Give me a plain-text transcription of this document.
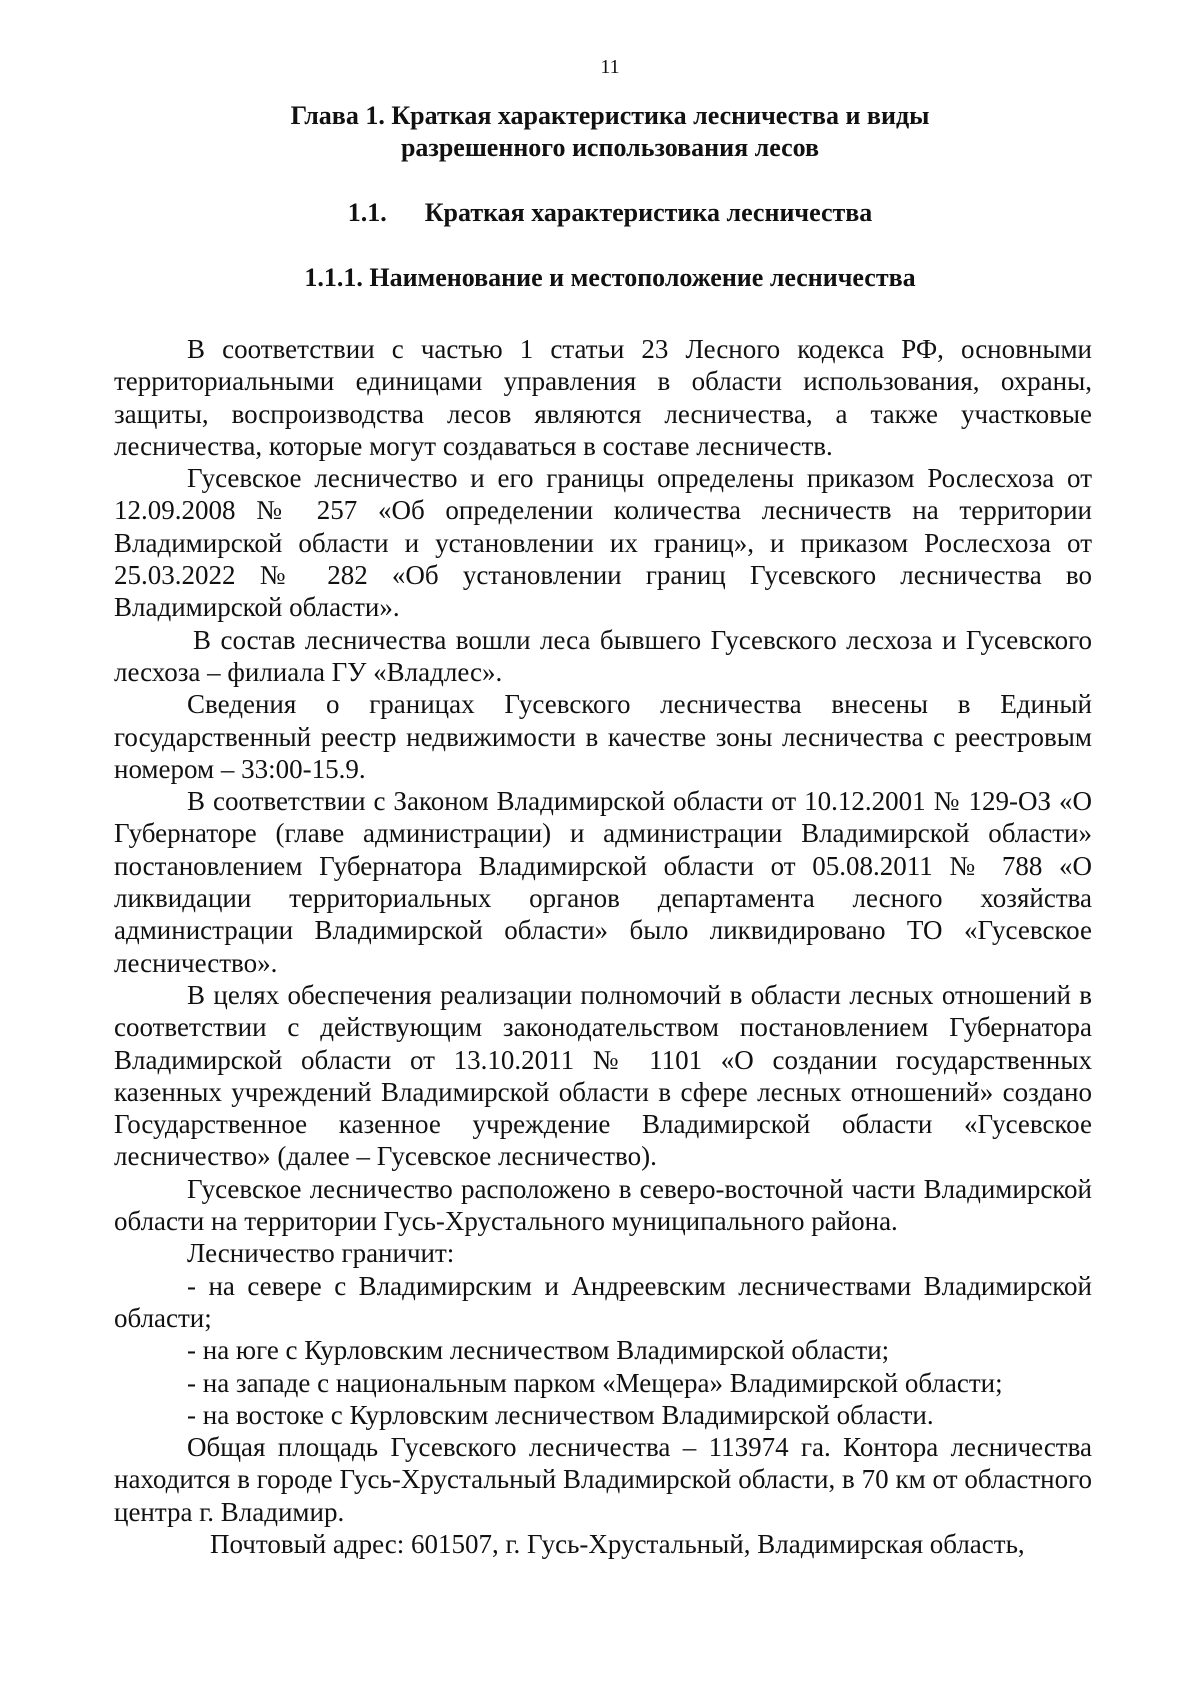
11
Глава 1. Краткая характеристика лесничества и виды
разрешенного использования лесов
1.1. Краткая характеристика лесничества
1.1.1. Наименование и местоположение лесничества

В соответствии с частью 1 статьи 23 Лесного кодекса РФ, основными территориальными единицами управления в области использования, охраны, защиты, воспроизводства лесов являются лесничества, а также участковые лесничества, которые могут создаваться в составе лесничеств.

Гусевское лесничество и его границы определены приказом Рослесхоза от 12.09.2008 № 257 «Об определении количества лесничеств на территории Владимирской области и установлении их границ», и приказом Рослесхоза от 25.03.2022 № 282 «Об установлении границ Гусевского лесничества во Владимирской области».

В состав лесничества вошли леса бывшего Гусевского лесхоза и Гусевского лесхоза – филиала ГУ «Владлес».

Сведения о границах Гусевского лесничества внесены в Единый государственный реестр недвижимости в качестве зоны лесничества с реестровым номером – 33:00-15.9.

В соответствии с Законом Владимирской области от 10.12.2001 № 129-ОЗ «О Губернаторе (главе администрации) и администрации Владимирской области» постановлением Губернатора Владимирской области от 05.08.2011 № 788 «О ликвидации территориальных органов департамента лесного хозяйства администрации Владимирской области» было ликвидировано ТО «Гусевское лесничество».

В целях обеспечения реализации полномочий в области лесных отношений в соответствии с действующим законодательством постановлением Губернатора Владимирской области от 13.10.2011 № 1101 «О создании государственных казенных учреждений Владимирской области в сфере лесных отношений» создано Государственное казенное учреждение Владимирской области «Гусевское лесничество» (далее – Гусевское лесничество).

Гусевское лесничество расположено в северо-восточной части Владимирской области на территории Гусь-Хрустального муниципального района.

Лесничество граничит:

- на севере с Владимирским и Андреевским лесничествами Владимирской области;

- на юге с Курловским лесничеством Владимирской области;

- на западе с национальным парком «Мещера» Владимирской области;

- на востоке с Курловским лесничеством Владимирской области.

Общая площадь Гусевского лесничества – 113974 га. Контора лесничества находится в городе Гусь-Хрустальный Владимирской области, в 70 км от областного центра г. Владимир.

Почтовый адрес: 601507, г. Гусь-Хрустальный, Владимирская область,
